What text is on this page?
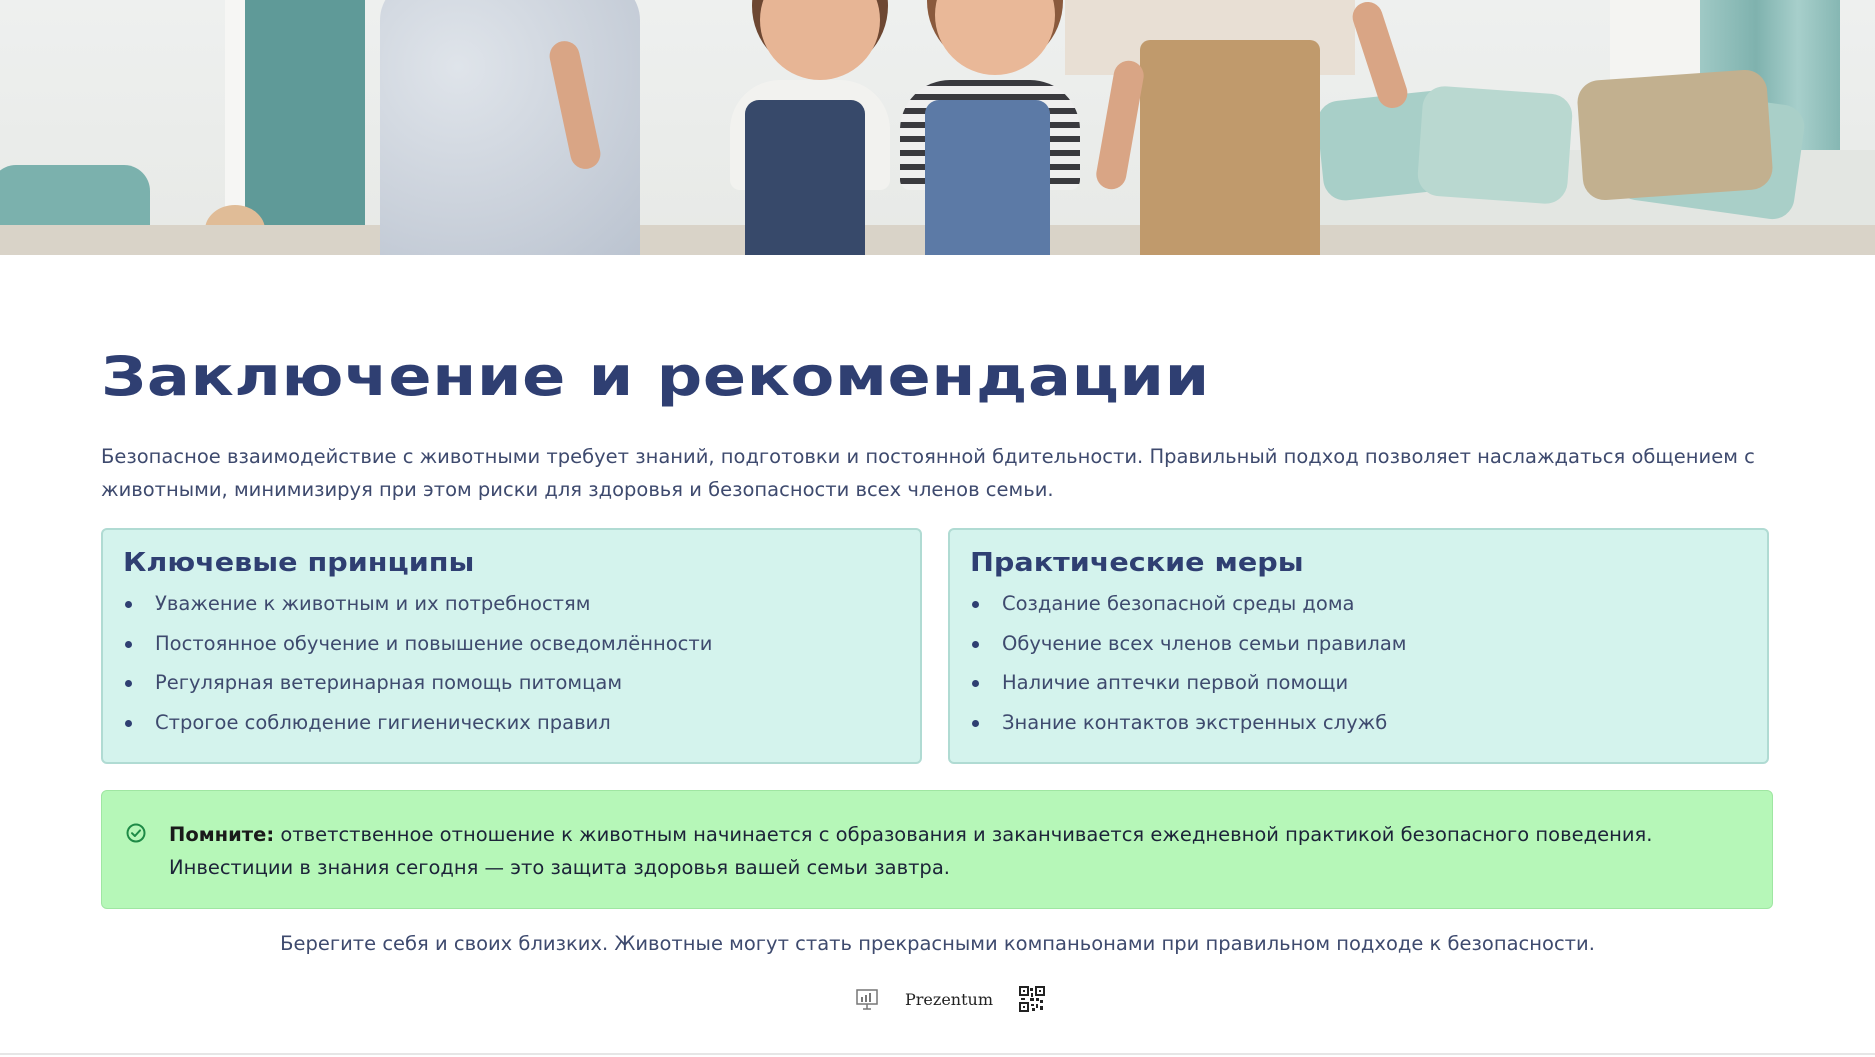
Заключение и рекомендации

Безопасное взаимодействие с животными требует знаний, подготовки и постоянной бдительности. Правильный подход позволяет наслаждаться общением с животными, минимизируя при этом риски для здоровья и безопасности всех членов семьи.

Ключевые принципы
Уважение к животным и их потребностям
Постоянное обучение и повышение осведомлённости
Регулярная ветеринарная помощь питомцам
Строгое соблюдение гигиенических правил
Практические меры
Создание безопасной среды дома
Обучение всех членов семьи правилам
Наличие аптечки первой помощи
Знание контактов экстренных служб
Помните: ответственное отношение к животным начинается с образования и заканчивается ежедневной практикой безопасного поведения. Инвестиции в знания сегодня — это защита здоровья вашей семьи завтра.
Берегите себя и своих близких. Животные могут стать прекрасными компаньонами при правильном подходе к безопасности.
Prezentum
